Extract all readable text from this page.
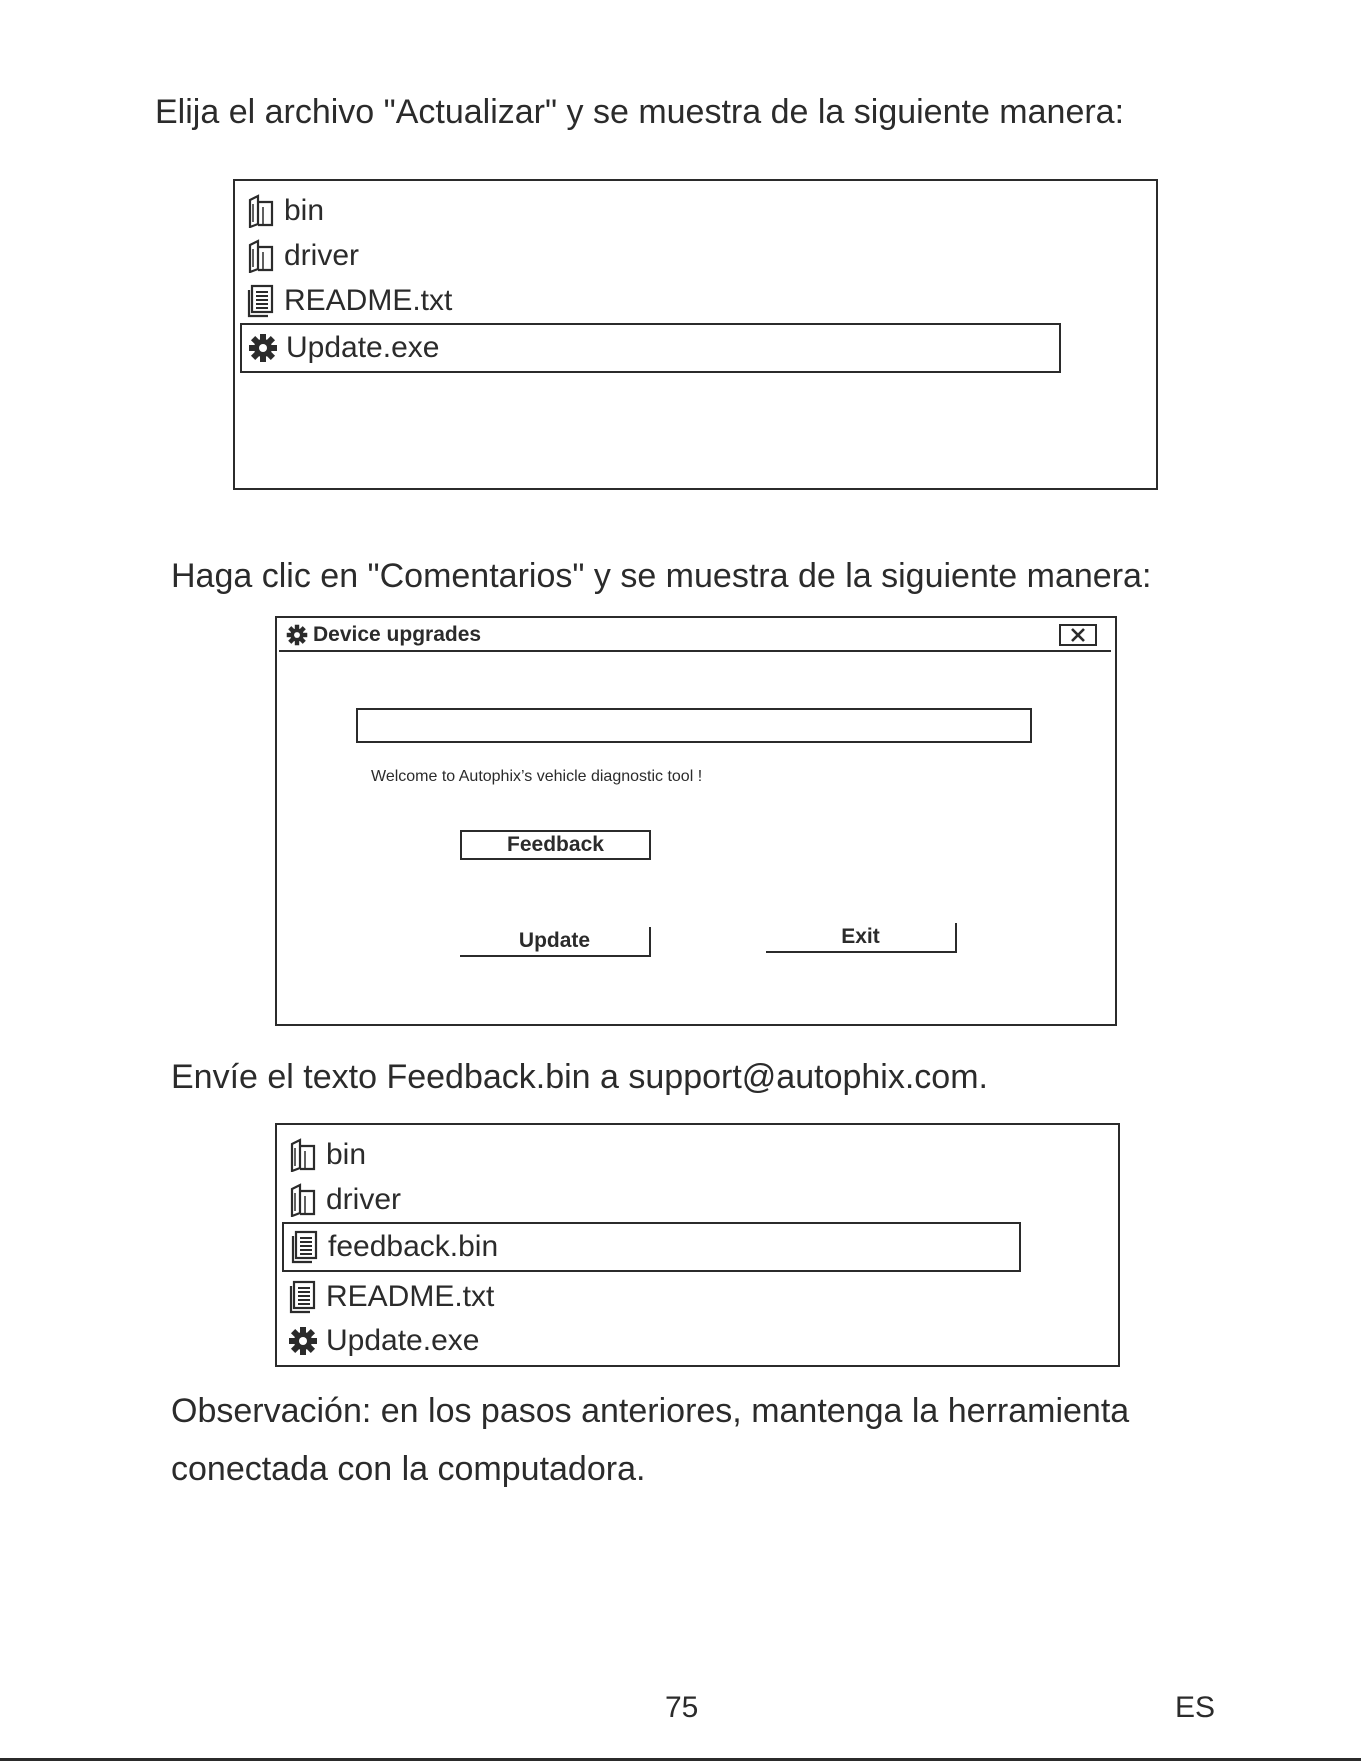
Elija el archivo "Actualizar" y se muestra de la siguiente manera:
bin
driver
README.txt
Update.exe
Haga clic en "Comentarios" y se muestra de la siguiente manera:
Device upgrades
Welcome to Autophix’s vehicle diagnostic tool !
Feedback
Update	Exit
Envíe el texto Feedback.bin a support@autophix.com.
bin
driver
feedback.bin
README.txt
Update.exe
Observación: en los pasos anteriores, mantenga la herramienta
conectada con la computadora.
75	ES
